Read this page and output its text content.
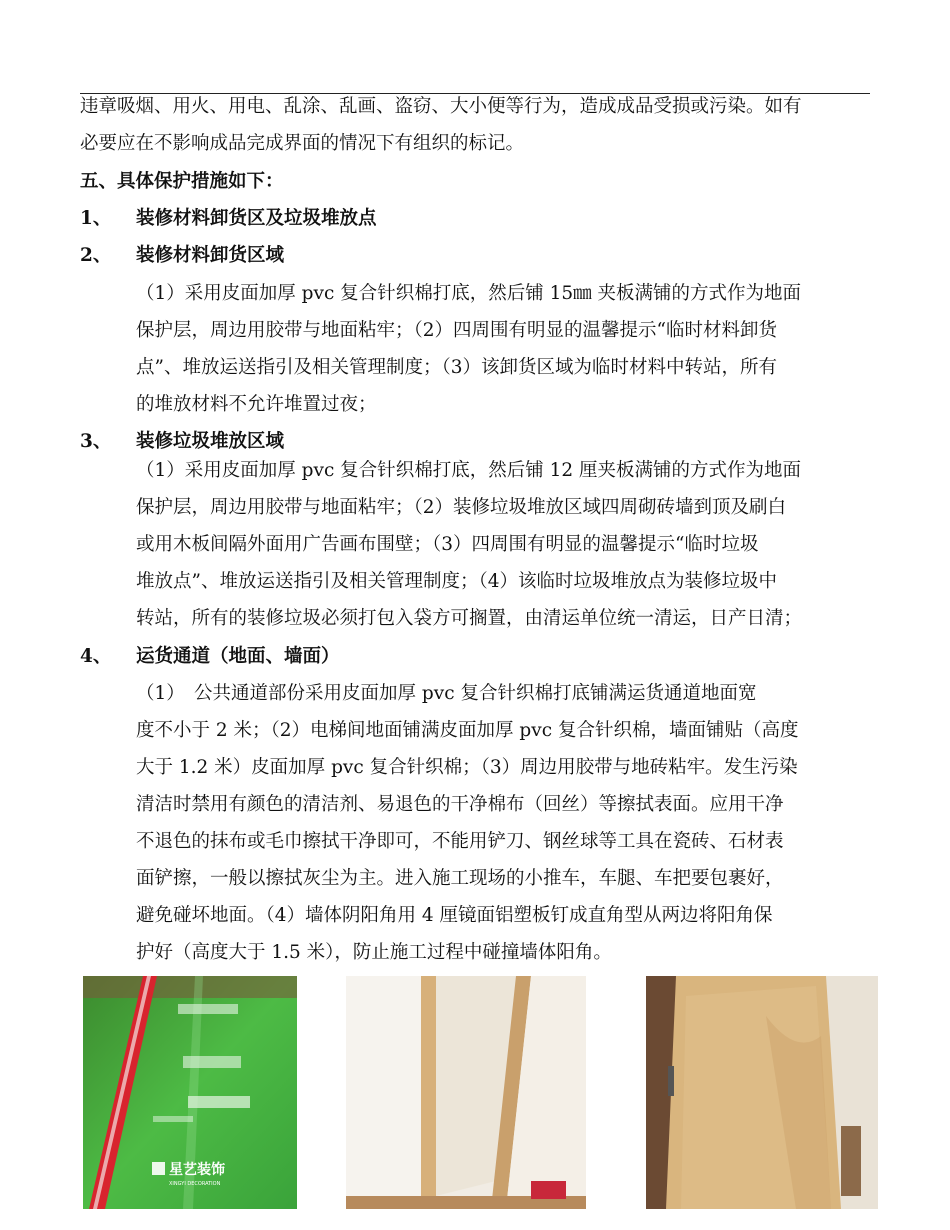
违章吸烟、用火、用电、乱涂、乱画、盗窃、大小便等行为，造成成品受损或污染。如有
必要应在不影响成品完成界面的情况下有组织的标记。
五、具体保护措施如下：
1、 装修材料卸货区及垃圾堆放点
2、 装修材料卸货区域
（1）采用皮面加厚 pvc 复合针织棉打底，然后铺 15㎜ 夹板满铺的方式作为地面
保护层，周边用胶带与地面粘牢；（2）四周围有明显的温馨提示“临时材料卸货
点”、堆放运送指引及相关管理制度；（3）该卸货区域为临时材料中转站，所有
的堆放材料不允许堆置过夜；
3、 装修垃圾堆放区域
（1）采用皮面加厚 pvc 复合针织棉打底，然后铺 12 厘夹板满铺的方式作为地面
保护层，周边用胶带与地面粘牢；（2）装修垃圾堆放区域四周砌砖墙到顶及刷白
或用木板间隔外面用广告画布围壁；（3）四周围有明显的温馨提示“临时垃圾
堆放点”、堆放运送指引及相关管理制度；（4）该临时垃圾堆放点为装修垃圾中
转站，所有的装修垃圾必须打包入袋方可搁置，由清运单位统一清运，日产日清；
4、 运货通道（地面、墙面）
（1）　公共通道部份采用皮面加厚 pvc 复合针织棉打底铺满运货通道地面宽
度不小于 2 米；（2）电梯间地面铺满皮面加厚 pvc 复合针织棉，墙面铺贴（高度
大于 1.2 米）皮面加厚 pvc 复合针织棉；（3）周边用胶带与地砖粘牢。发生污染
清洁时禁用有颜色的清洁剂、易退色的干净棉布（回丝）等擦拭表面。应用干净
不退色的抹布或毛巾擦拭干净即可，不能用铲刀、钢丝球等工具在瓷砖、石材表
面铲擦，一般以擦拭灰尘为主。进入施工现场的小推车，车腿、车把要包裹好，
避免碰坏地面。（4）墙体阴阳角用 4 厘镜面铝塑板钉成直角型从两边将阳角保
护好（高度大于 1.5 米），防止施工过程中碰撞墙体阳角。
星艺装饰
XINGYI DECORATION
